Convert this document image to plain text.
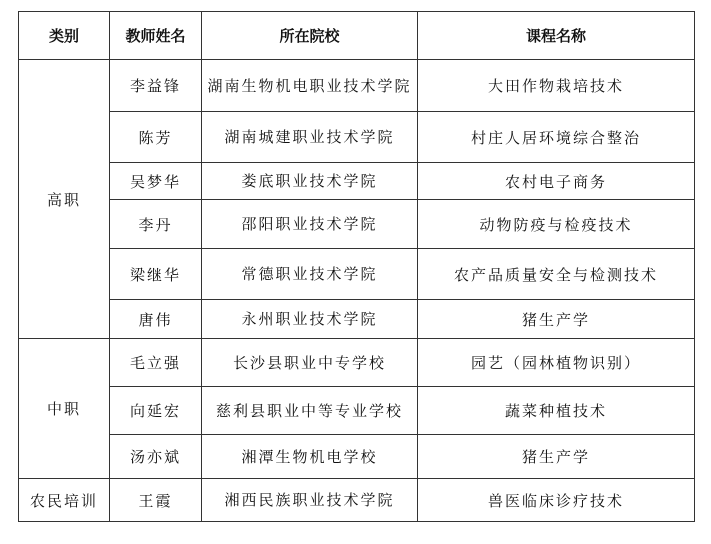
类别	教师姓名	所在院校	课程名称
高职	李益锋	湖南生物机电职业技术学院	大田作物栽培技术
	陈芳	湖南城建职业技术学院	村庄人居环境综合整治
	吴梦华	娄底职业技术学院	农村电子商务
	李丹	邵阳职业技术学院	动物防疫与检疫技术
	梁继华	常德职业技术学院	农产品质量安全与检测技术
	唐伟	永州职业技术学院	猪生产学
中职	毛立强	长沙县职业中专学校	园艺（园林植物识别）
	向延宏	慈利县职业中等专业学校	蔬菜种植技术
	汤亦斌	湘潭生物机电学校	猪生产学
农民培训	王霞	湘西民族职业技术学院	兽医临床诊疗技术
